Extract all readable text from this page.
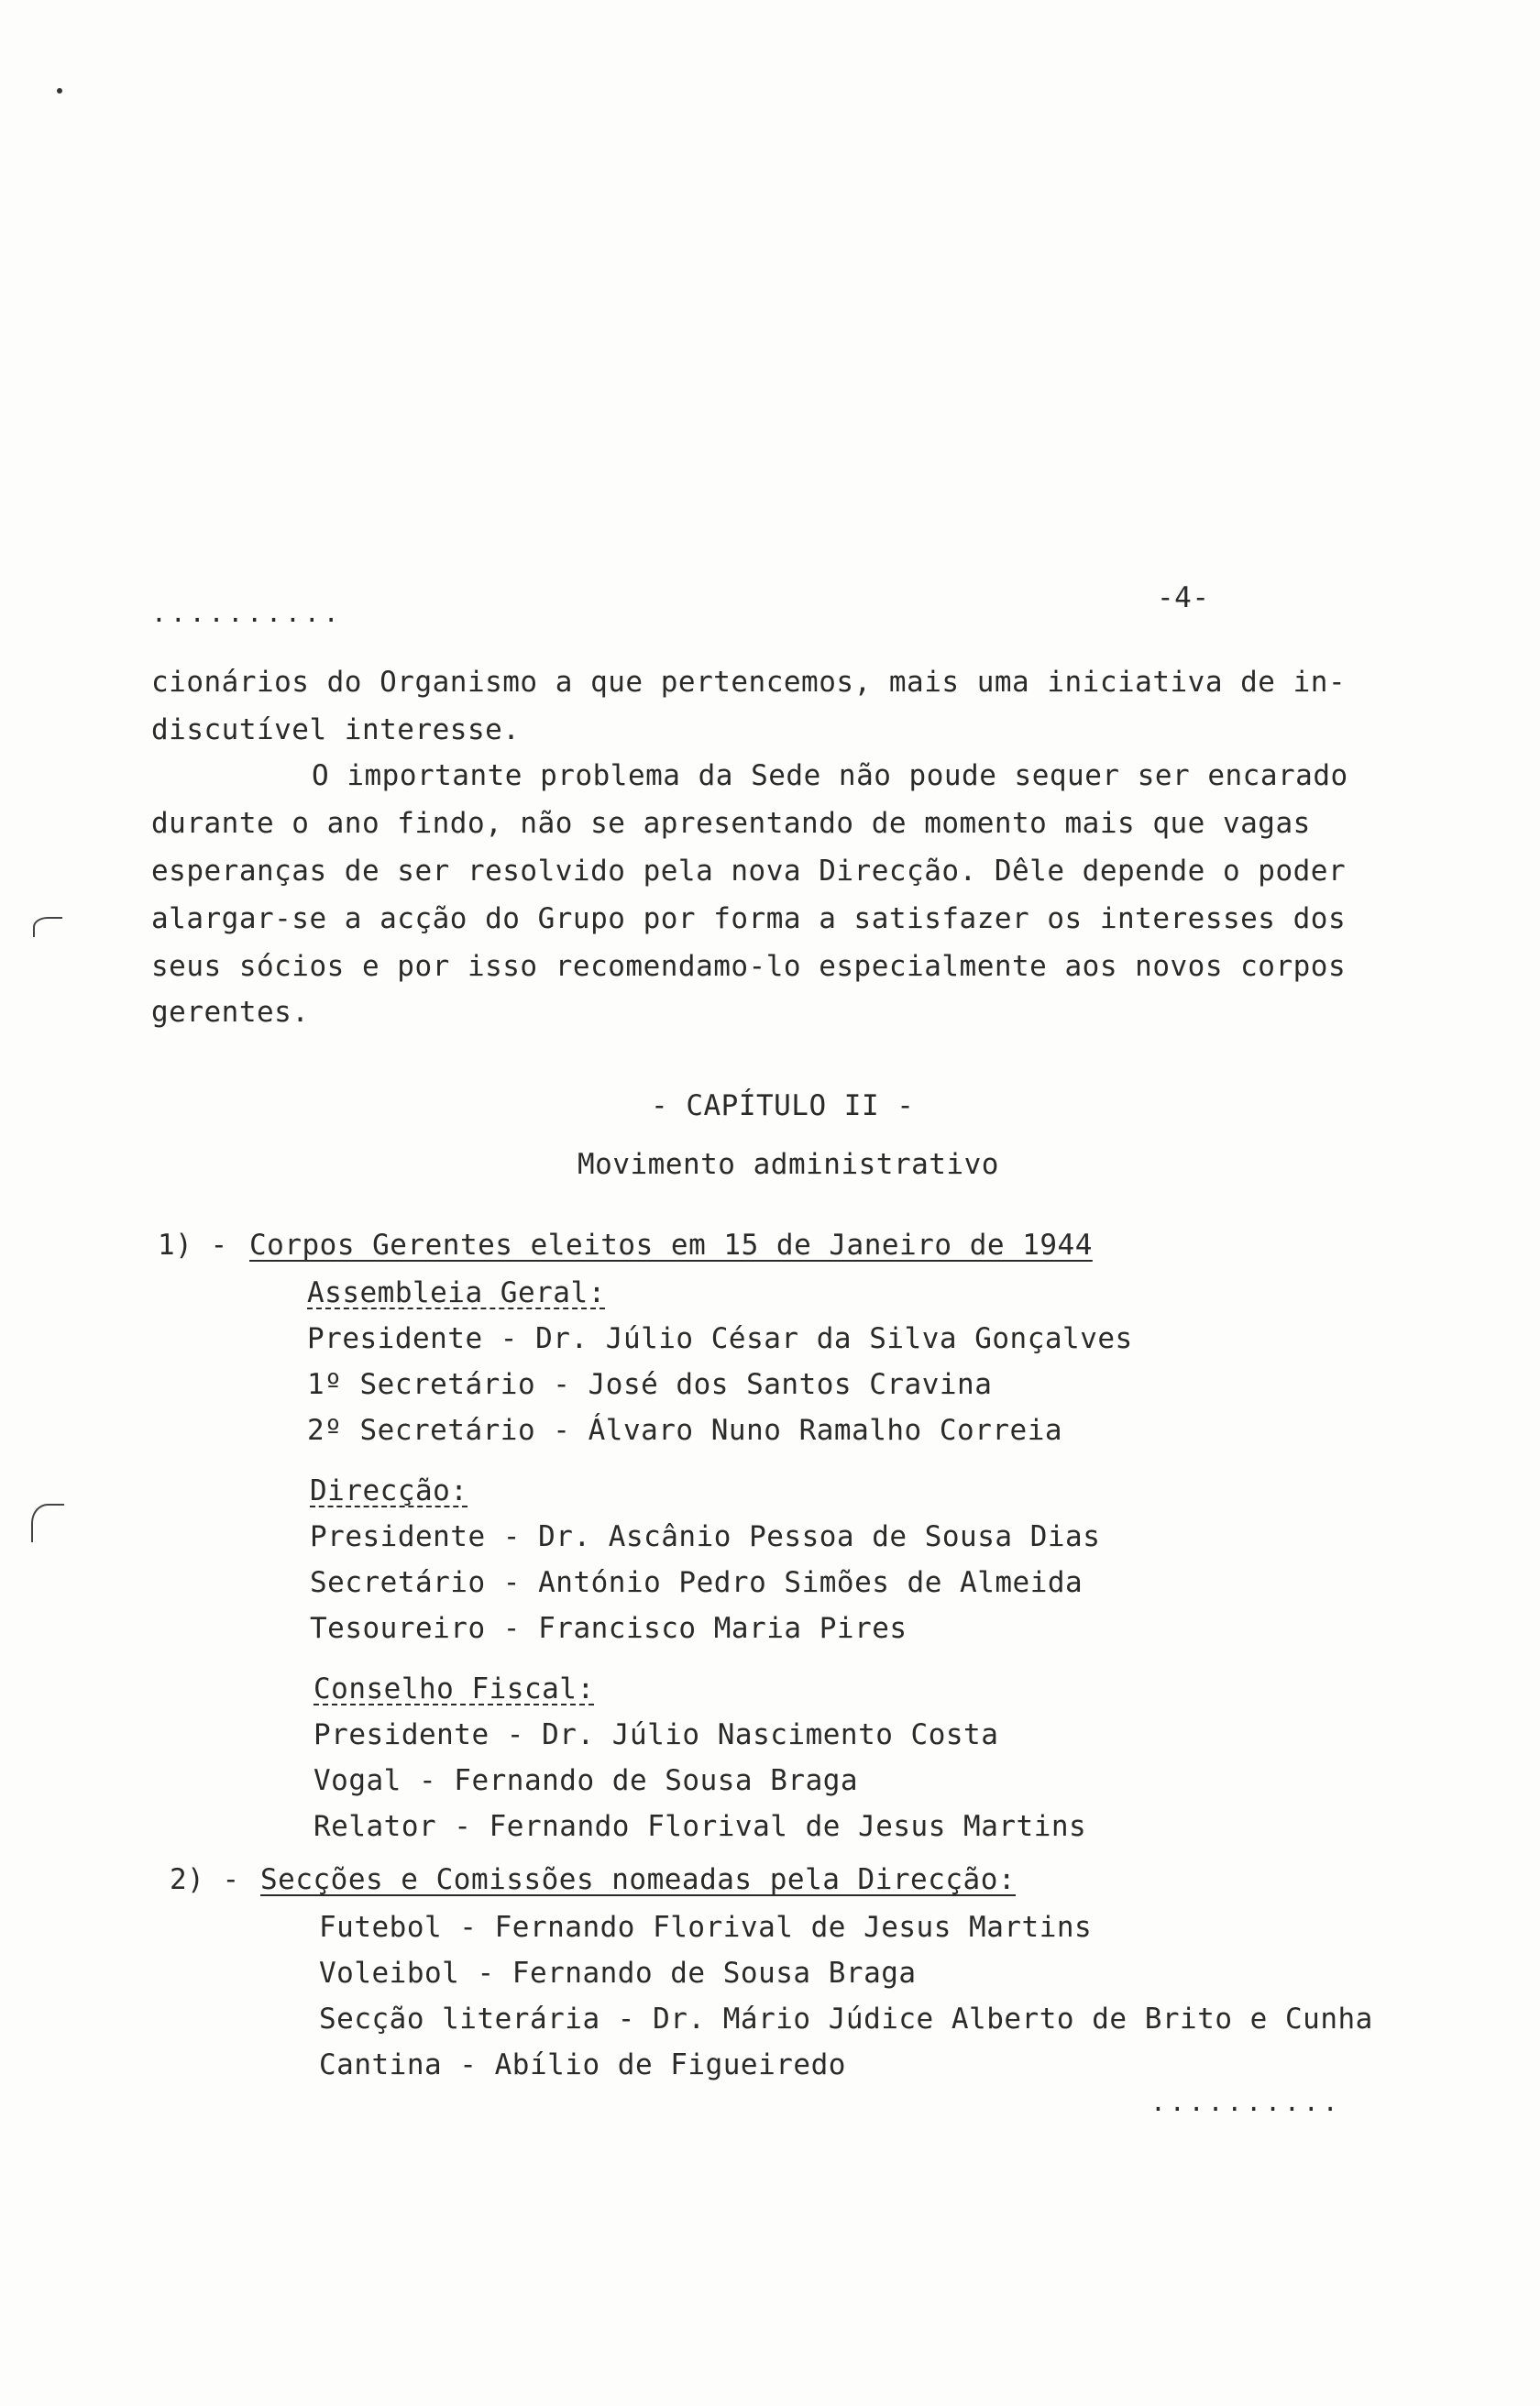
..........	-4-
cionários do Organismo a que pertencemos, mais uma iniciativa de in-
discutível interesse.
O importante problema da Sede não poude sequer ser encarado
durante o ano findo, não se apresentando de momento mais que vagas
esperanças de ser resolvido pela nova Direcção. Dêle depende o poder
alargar-se a acção do Grupo por forma a satisfazer os interesses dos
seus sócios e por isso recomendamo-lo especialmente aos novos corpos
gerentes.
- CAPÍTULO II -
Movimento administrativo
1) - Corpos Gerentes eleitos em 15 de Janeiro de 1944
Assembleia Geral:
Presidente - Dr. Júlio César da Silva Gonçalves
1º Secretário - José dos Santos Cravina
2º Secretário - Álvaro Nuno Ramalho Correia
Direcção:
Presidente - Dr. Ascânio Pessoa de Sousa Dias
Secretário - António Pedro Simões de Almeida
Tesoureiro - Francisco Maria Pires
Conselho Fiscal:
Presidente - Dr. Júlio Nascimento Costa
Vogal - Fernando de Sousa Braga
Relator - Fernando Florival de Jesus Martins
2) - Secções e Comissões nomeadas pela Direcção:
Futebol - Fernando Florival de Jesus Martins
Voleibol - Fernando de Sousa Braga
Secção literária - Dr. Mário Júdice Alberto de Brito e Cunha
Cantina - Abílio de Figueiredo
..........
